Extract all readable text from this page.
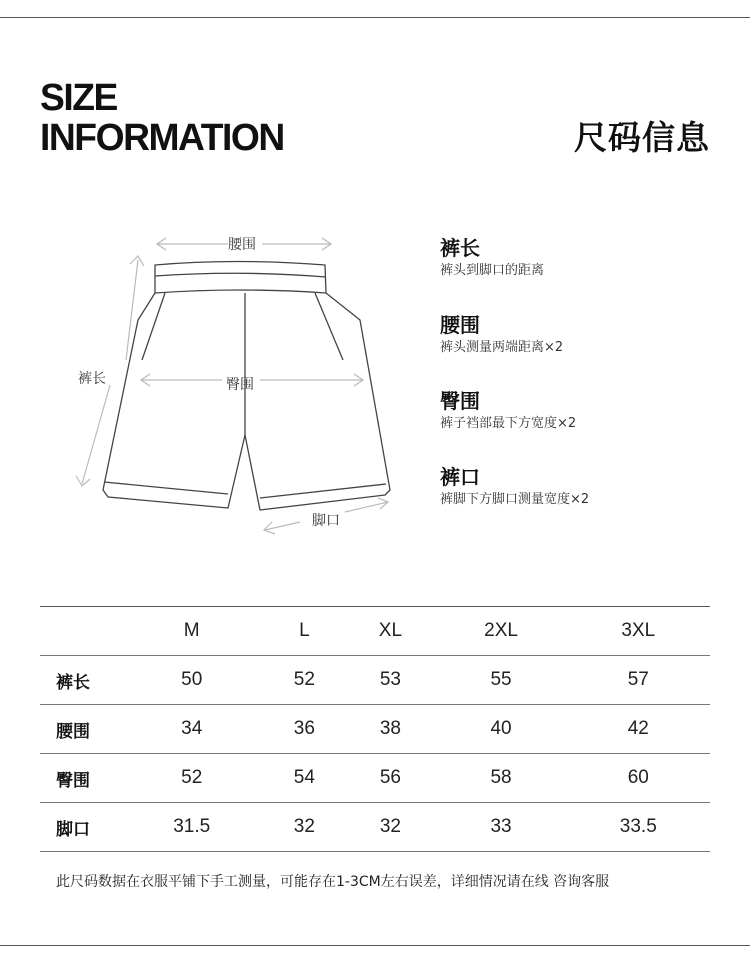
SIZE
INFORMATION	尺码信息
腰围
裤长	臀围
脚口
裤长
裤头到脚口的距离
腰围
裤头测量两端距离×2
臀围
裤子裆部最下方宽度×2
裤口
裤脚下方脚口测量宽度×2
	M	L	XL	2XL	3XL
裤长	50	52	53	55	57
腰围	34	36	38	40	42
臀围	52	54	56	58	60
脚口	31.5	32	32	33	33.5
此尺码数据在衣服平铺下手工测量，可能存在1-3CM左右误差，详细情况请在线 咨询客服
